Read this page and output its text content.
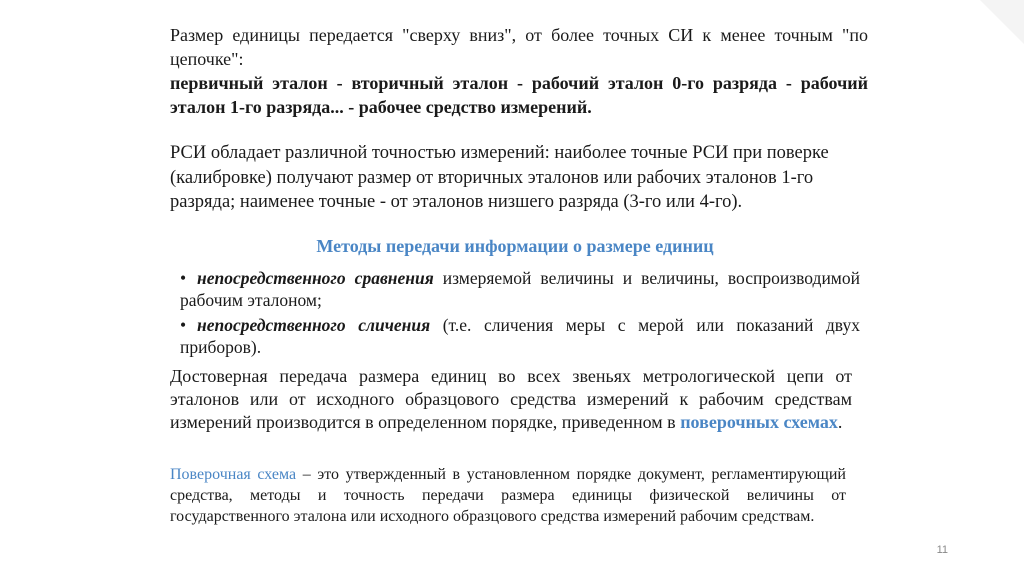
Размер единицы передается "сверху вниз", от более точных СИ к менее точным "по цепочке":
первичный эталон - вторичный эталон - рабочий эталон 0-го разряда - рабочий эталон 1-го разряда... - рабочее средство измерений.

РСИ обладает различной точностью измерений: наиболее точные РСИ при поверке (калибровке) получают размер от вторичных эталонов или рабочих эталонов 1-го разряда; наименее точные - от эталонов низшего разряда (3-го или 4-го).

Методы передачи информации о размере единиц
• непосредственного сравнения измеряемой величины и величины, воспроизводимой рабочим эталоном;
• непосредственного сличения (т.е. сличения меры с мерой или показаний двух приборов).

Достоверная передача размера единиц во всех звеньях метрологической цепи от эталонов или от исходного образцового средства измерений к рабочим средствам измерений производится в определенном порядке, приведенном в поверочных схемах.

Поверочная схема – это утвержденный в установленном порядке документ, регламентирующий средства, методы и точность передачи размера единицы физической величины от государственного эталона или исходного образцового средства измерений рабочим средствам.

11
